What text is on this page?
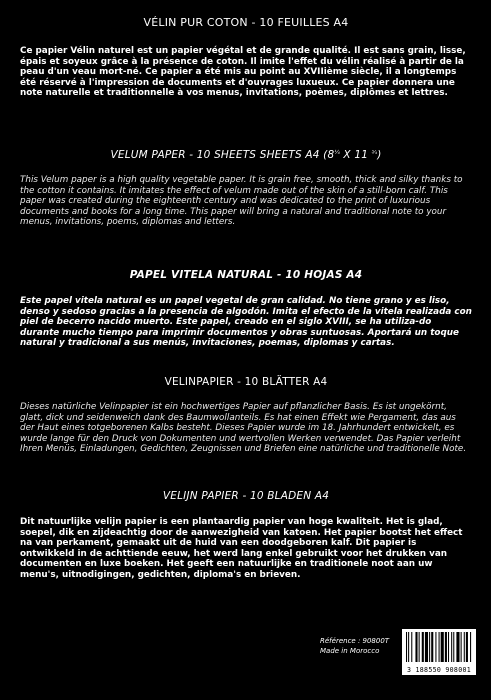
VÉLIN PUR COTON - 10 FEUILLES A4

Ce papier Vélin naturel est un papier végétal et de grande qualité. Il est sans grain, lisse, épais et soyeux grâce à la présence de coton. Il imite l'effet du vélin réalisé à partir de la peau d'un veau mort-né. Ce papier a été mis au point au XVIIième siècle, il a longtemps été réservé à l'impression de documents et d'ouvrages luxueux. Ce papier donnera une note naturelle et traditionnelle à vos menus, invitations, poèmes, diplômes et lettres.

VELUM PAPER - 10 SHEETS SHEETS A4 ($8^{\frac{1}{4}}$ X 11 $^{\frac{3}{4}}$)

This Velum paper is a high quality vegetable paper. It is grain free, smooth, thick and silky thanks to the cotton it contains. It imitates the effect of velum made out of the skin of a still-born calf. This paper was created during the eighteenth century and was dedicated to the print of luxurious documents and books for a long time. This paper will bring a natural and traditional note to your menus, invitations, poems, diplomas and letters.

PAPEL VITELA NATURAL - 10 HOJAS A4

Este papel vitela natural es un papel vegetal de gran calidad. No tiene grano y es liso, denso y sedoso gracias a la presencia de algodón. Imita el efecto de la vitela realizada con piel de becerro nacido muerto. Este papel, creado en el siglo XVIII, se ha utiliza-do durante mucho tiempo para imprimir documentos y obras suntuosas. Aportará un toque natural y tradicional a sus menús, invitaciones, poemas, diplomas y cartas.

VELINPAPIER - 10 BLÄTTER A4

Dieses natürliche Velinpapier ist ein hochwertiges Papier auf pflanzlicher Basis. Es ist ungekörnt, glatt, dick und seidenweich dank des Baumwollanteils. Es hat einen Effekt wie Pergament, das aus der Haut eines totgeborenen Kalbs besteht. Dieses Papier wurde im 18. Jahrhundert entwickelt, es wurde lange für den Druck von Dokumenten und wertvollen Werken verwendet. Das Papier verleiht Ihren Menüs, Einladungen, Gedichten, Zeugnissen und Briefen eine natürliche und traditionelle Note.

VELIJN PAPIER - 10 BLADEN A4

Dit natuurlijke velijn papier is een plantaardig papier van hoge kwaliteit. Het is glad, soepel, dik en zijdeachtig door de aanwezigheid van katoen. Het papier bootst het effect na van perkament, gemaakt uit de huid van een doodgeboren kalf. Dit papier is ontwikkeld in de achttiende eeuw, het werd lang enkel gebruikt voor het drukken van documenten en luxe boeken. Het geeft een natuurlijke en traditionele noot aan uw menu's, uitnodigingen, gedichten, diploma's en brieven.

Référence : 90800T
Made in Morocco
3 188550 908001
